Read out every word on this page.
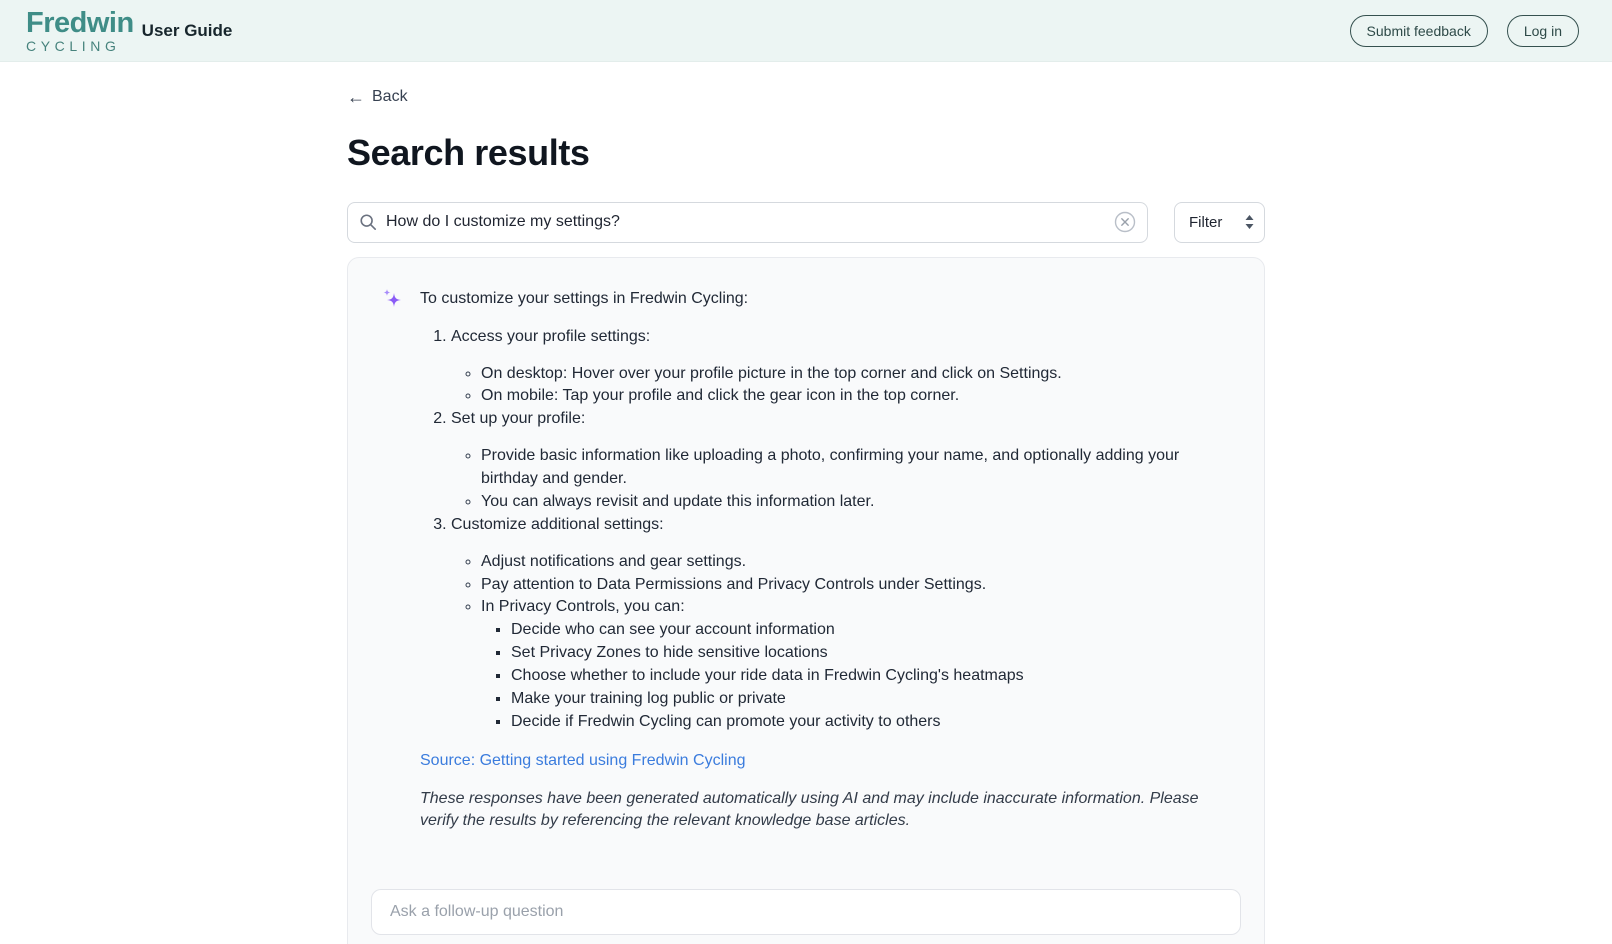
Fredwin
CYCLING
User Guide	Submit feedback	Log in
← Back
Search results
How do I customize my settings?
Filter

To customize your settings in Fredwin Cycling:

1. Access your profile settings:

◦ On desktop: Hover over your profile picture in the top corner and click on Settings.
◦ On mobile: Tap your profile and click the gear icon in the top corner.

2. Set up your profile:

◦ Provide basic information like uploading a photo, confirming your name, and optionally adding your birthday and gender.
◦ You can always revisit and update this information later.

3. Customize additional settings:

◦ Adjust notifications and gear settings.
◦ Pay attention to Data Permissions and Privacy Controls under Settings.
◦ In Privacy Controls, you can:
▪ Decide who can see your account information
▪ Set Privacy Zones to hide sensitive locations
▪ Choose whether to include your ride data in Fredwin Cycling's heatmaps
▪ Make your training log public or private
▪ Decide if Fredwin Cycling can promote your activity to others
Source: Getting started using Fredwin Cycling

These responses have been generated automatically using AI and may include inaccurate information. Please verify the results by referencing the relevant knowledge base articles.

Ask a follow-up question
